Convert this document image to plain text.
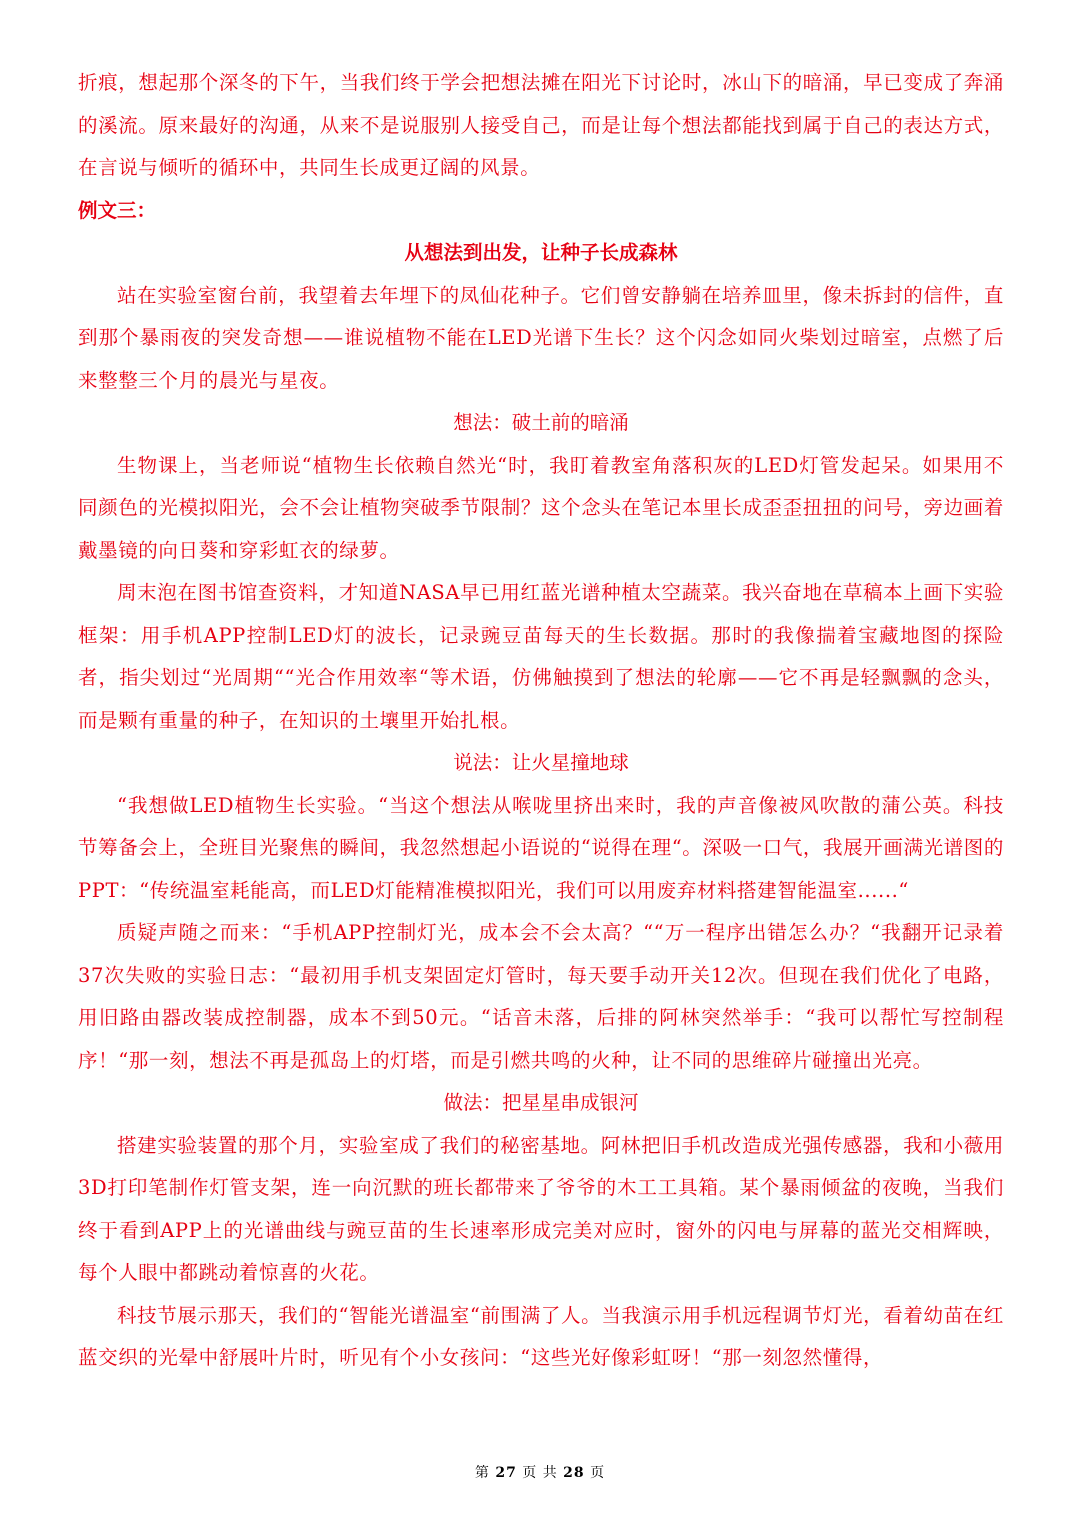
折痕，想起那个深冬的下午，当我们终于学会把想法摊在阳光下讨论时，冰山下的暗涌，早已变成了奔涌的溪流。原来最好的沟通，从来不是说服别人接受自己，而是让每个想法都能找到属于自己的表达方式，在言说与倾听的循环中，共同生长成更辽阔的风景。

例文三：

从想法到出发，让种子长成森林

站在实验室窗台前，我望着去年埋下的凤仙花种子。它们曾安静躺在培养皿里，像未拆封的信件，直到那个暴雨夜的突发奇想——谁说植物不能在LED光谱下生长？这个闪念如同火柴划过暗室，点燃了后来整整三个月的晨光与星夜。

想法：破土前的暗涌

生物课上，当老师说“植物生长依赖自然光“时，我盯着教室角落积灰的LED灯管发起呆。如果用不同颜色的光模拟阳光，会不会让植物突破季节限制？这个念头在笔记本里长成歪歪扭扭的问号，旁边画着戴墨镜的向日葵和穿彩虹衣的绿萝。

周末泡在图书馆查资料，才知道NASA早已用红蓝光谱种植太空蔬菜。我兴奋地在草稿本上画下实验框架：用手机APP控制LED灯的波长，记录豌豆苗每天的生长数据。那时的我像揣着宝藏地图的探险者，指尖划过“光周期““光合作用效率“等术语，仿佛触摸到了想法的轮廓——它不再是轻飘飘的念头，而是颗有重量的种子，在知识的土壤里开始扎根。

说法：让火星撞地球

“我想做LED植物生长实验。“当这个想法从喉咙里挤出来时，我的声音像被风吹散的蒲公英。科技节筹备会上，全班目光聚焦的瞬间，我忽然想起小语说的“说得在理“。深吸一口气，我展开画满光谱图的PPT：“传统温室耗能高，而LED灯能精准模拟阳光，我们可以用废弃材料搭建智能温室......“

质疑声随之而来：“手机APP控制灯光，成本会不会太高？““万一程序出错怎么办？“我翻开记录着37次失败的实验日志：“最初用手机支架固定灯管时，每天要手动开关12次。但现在我们优化了电路，用旧路由器改装成控制器，成本不到50元。“话音未落，后排的阿林突然举手：“我可以帮忙写控制程序！“那一刻，想法不再是孤岛上的灯塔，而是引燃共鸣的火种，让不同的思维碎片碰撞出光亮。

做法：把星星串成银河

搭建实验装置的那个月，实验室成了我们的秘密基地。阿林把旧手机改造成光强传感器，我和小薇用3D打印笔制作灯管支架，连一向沉默的班长都带来了爷爷的木工工具箱。某个暴雨倾盆的夜晚，当我们终于看到APP上的光谱曲线与豌豆苗的生长速率形成完美对应时，窗外的闪电与屏幕的蓝光交相辉映，每个人眼中都跳动着惊喜的火花。

科技节展示那天，我们的“智能光谱温室“前围满了人。当我演示用手机远程调节灯光，看着幼苗在红蓝交织的光晕中舒展叶片时，听见有个小女孩问：“这些光好像彩虹呀！“那一刻忽然懂得，

第 27 页 共 28 页
